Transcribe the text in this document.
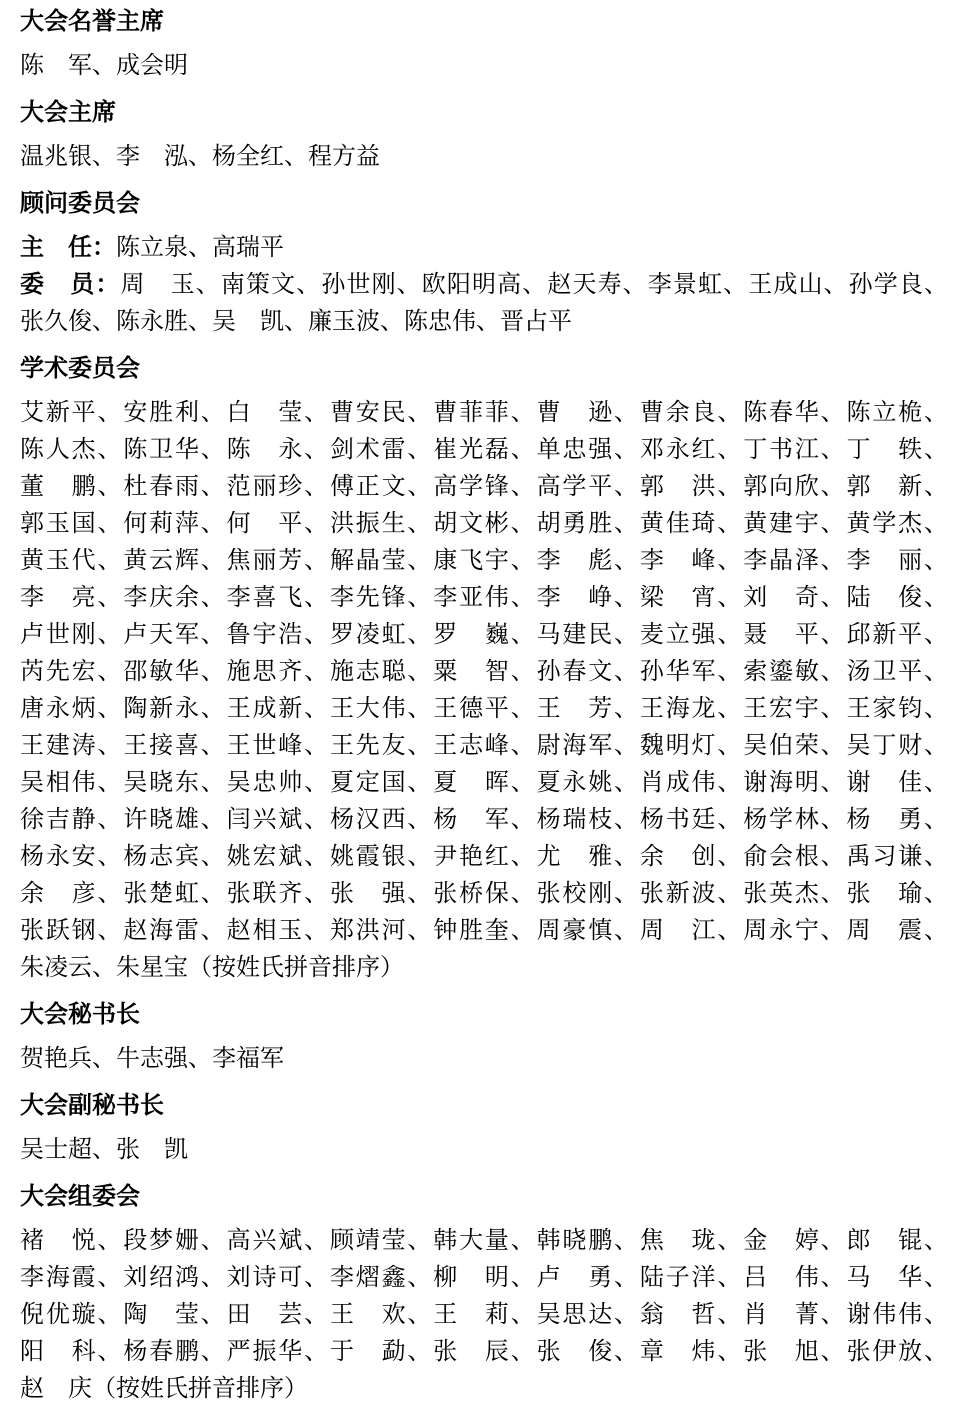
大会名誉主席
陈　军、成会明
大会主席
温兆银、李　泓、杨全红、程方益
顾问委员会
主　任：陈立泉、高瑞平
委　员：周　玉、南策文、孙世刚、欧阳明高、赵天寿、李景虹、王成山、孙学良、
张久俊、陈永胜、吴　凯、廉玉波、陈忠伟、晋占平
学术委员会
艾新平、安胜利、白　莹、曹安民、曹菲菲、曹　逊、曹余良、陈春华、陈立桅、
陈人杰、陈卫华、陈　永、剑术雷、崔光磊、单忠强、邓永红、丁书江、丁　轶、
董　鹏、杜春雨、范丽珍、傅正文、高学锋、高学平、郭　洪、郭向欣、郭　新、
郭玉国、何莉萍、何　平、洪振生、胡文彬、胡勇胜、黄佳琦、黄建宇、黄学杰、
黄玉代、黄云辉、焦丽芳、解晶莹、康飞宇、李　彪、李　峰、李晶泽、李　丽、
李　亮、李庆余、李喜飞、李先锋、李亚伟、李　峥、梁　宵、刘　奇、陆　俊、
卢世刚、卢天军、鲁宇浩、罗凌虹、罗　巍、马建民、麦立强、聂　平、邱新平、
芮先宏、邵敏华、施思齐、施志聪、粟　智、孙春文、孙华军、索鎏敏、汤卫平、
唐永炳、陶新永、王成新、王大伟、王德平、王　芳、王海龙、王宏宇、王家钧、
王建涛、王接喜、王世峰、王先友、王志峰、尉海军、魏明灯、吴伯荣、吴丁财、
吴相伟、吴晓东、吴忠帅、夏定国、夏　晖、夏永姚、肖成伟、谢海明、谢　佳、
徐吉静、许晓雄、闫兴斌、杨汉西、杨　军、杨瑞枝、杨书廷、杨学林、杨　勇、
杨永安、杨志宾、姚宏斌、姚霞银、尹艳红、尤　雅、余　创、俞会根、禹习谦、
余　彦、张楚虹、张联齐、张　强、张桥保、张校刚、张新波、张英杰、张　瑜、
张跃钢、赵海雷、赵相玉、郑洪河、钟胜奎、周豪慎、周　江、周永宁、周　震、
朱凌云、朱星宝（按姓氏拼音排序）
大会秘书长
贺艳兵、牛志强、李福军
大会副秘书长
吴士超、张　凯
大会组委会
褚　悦、段梦姗、高兴斌、顾靖莹、韩大量、韩晓鹏、焦　珑、金　婷、郎　锟、
李海霞、刘绍鸿、刘诗可、李熠鑫、柳　明、卢　勇、陆子洋、吕　伟、马　华、
倪优璇、陶　莹、田　芸、王　欢、王　莉、吴思达、翁　哲、肖　菁、谢伟伟、
阳　科、杨春鹏、严振华、于　勐、张　辰、张　俊、章　炜、张　旭、张伊放、
赵　庆（按姓氏拼音排序）
